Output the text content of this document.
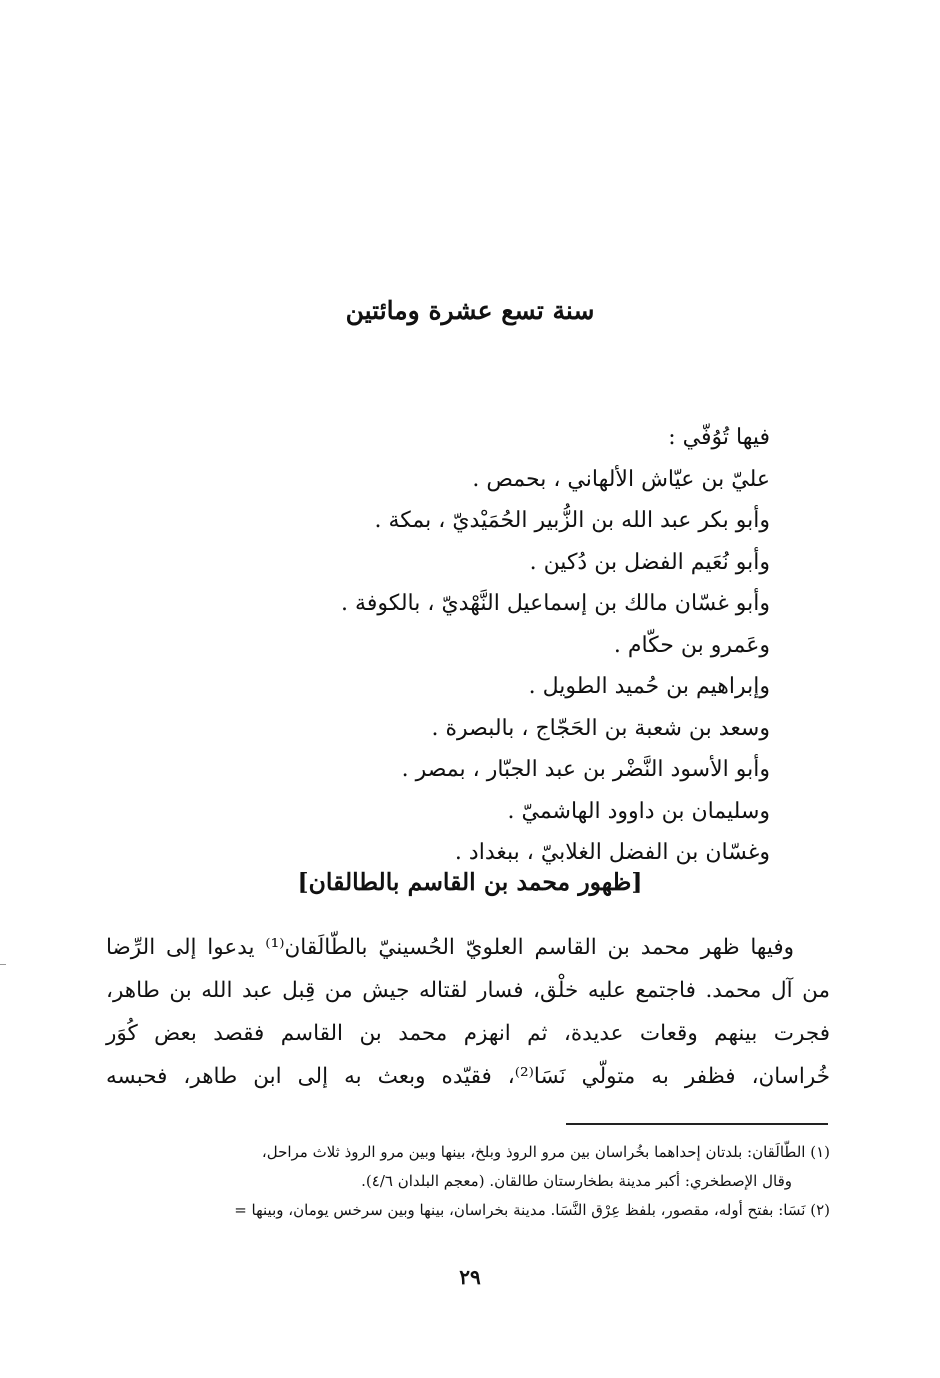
سنة تسع عشرة ومائتين
فيها تُوُفّي :
عليّ بن عيّاش الألهاني ، بحمص .
وأبو بكر عبد الله بن الزُّبير الحُمَيْديّ ، بمكة .
وأبو نُعَيم الفضل بن دُكين .
وأبو غسّان مالك بن إسماعيل النَّهْديّ ، بالكوفة .
وعَمرو بن حكّام .
وإبراهيم بن حُميد الطويل .
وسعد بن شعبة بن الحَجّاج ، بالبصرة .
وأبو الأسود النَّضْر بن عبد الجبّار ، بمصر .
وسليمان بن داوود الهاشميّ .
وغسّان بن الفضل الغلابيّ ، ببغداد .
[ظهور محمد بن القاسم بالطالقان]
وفيها ظهر محمد بن القاسم العلويّ الحُسينيّ بالطّالَقان⁽¹⁾ يدعوا إلى الرِّضا
من آل محمد. فاجتمع عليه خلْق، فسار لقتاله جيش من قِبل عبد الله بن طاهر،
فجرت بينهم وقعات عديدة، ثم انهزم محمد بن القاسم فقصد بعض كُوَر
خُراسان، فظفر به متولّي نَسَا⁽²⁾، فقيّده وبعث به إلى ابن طاهر، فحبسه
(١) الطّالَقان: بلدتان إحداهما بخُراسان بين مرو الروذ وبلخ، بينها وبين مرو الروذ ثلاث مراحل،
وقال الإصطخري: أكبر مدينة بطخارستان طالقان. (معجم البلدان ٤/٦).
(٢) نَسَا: بفتح أوله، مقصور، بلفظ عِرْق النَّسَا. مدينة بخراسان، بينها وبين سرخس يومان، وبينها =
٢٩
